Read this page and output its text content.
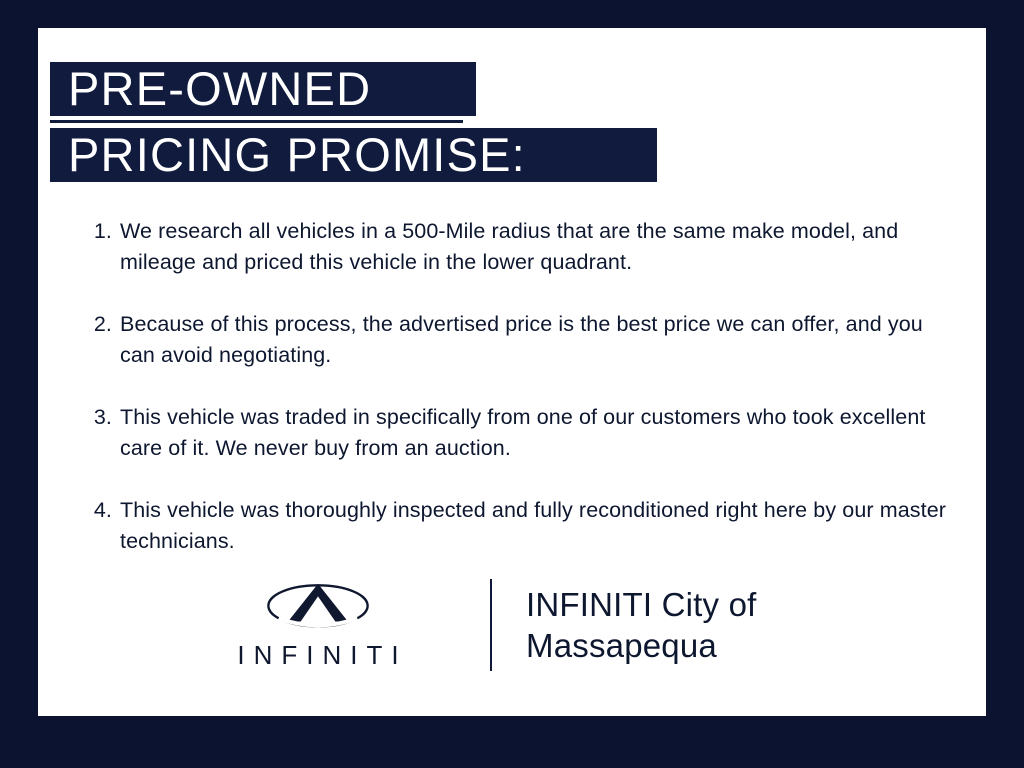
PRE-OWNED
PRICING PROMISE:
1. We research all vehicles in a 500-Mile radius that are the same make model, and mileage and priced this vehicle in the lower quadrant.
2. Because of this process, the advertised price is the best price we can offer, and you can avoid negotiating.
3. This vehicle was traded in specifically from one of our customers who took excellent care of it. We never buy from an auction.
4. This vehicle was thoroughly inspected and fully reconditioned right here by our master technicians.
INFINITI
INFINITI City of Massapequa
